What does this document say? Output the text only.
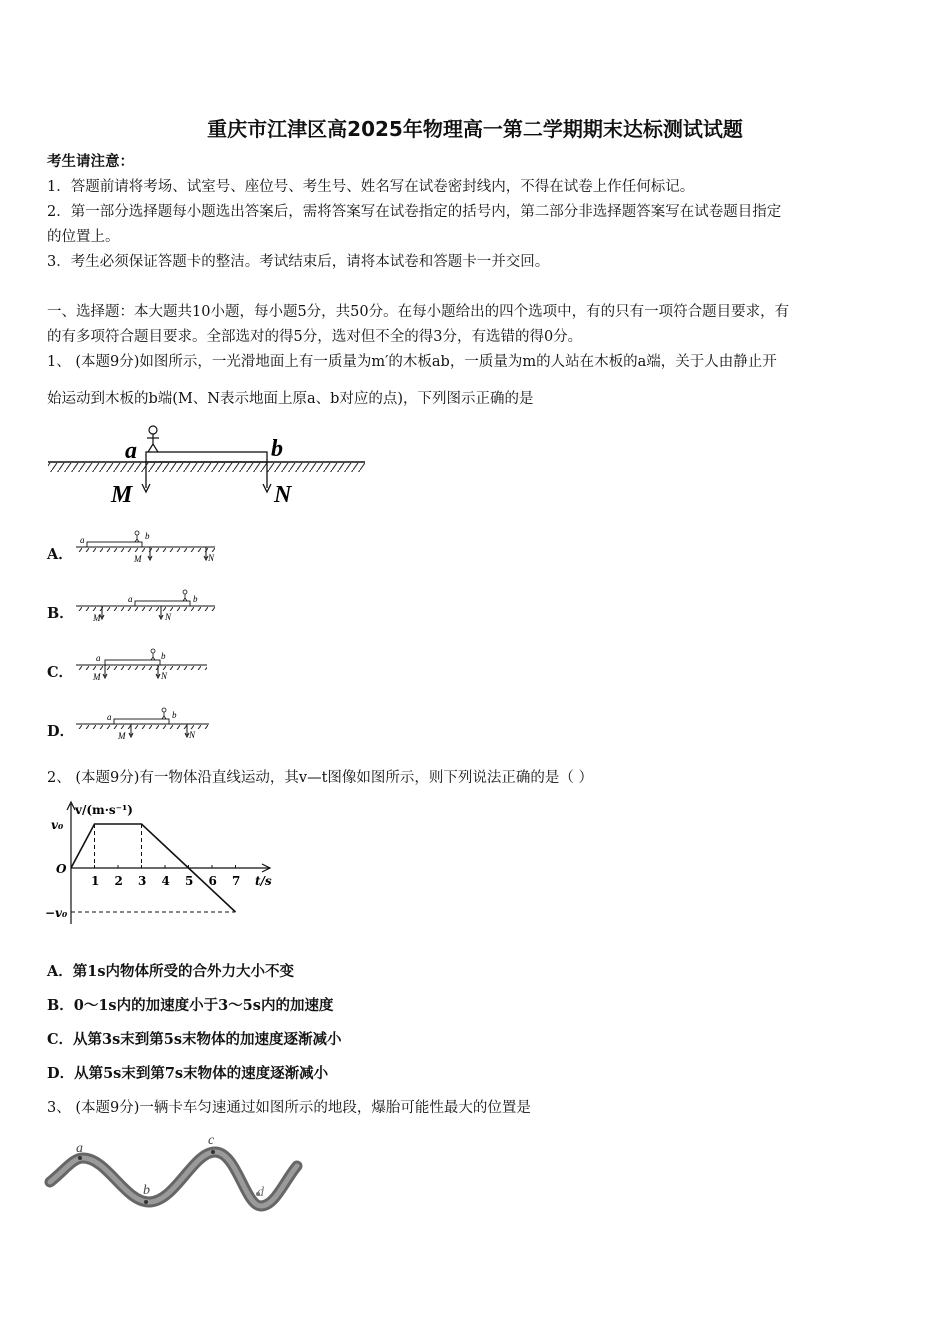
重庆市江津区高2025年物理高一第二学期期末达标测试试题
考生请注意：
1．答题前请将考场、试室号、座位号、考生号、姓名写在试卷密封线内，不得在试卷上作任何标记。
2．第一部分选择题每小题选出答案后，需将答案写在试卷指定的括号内，第二部分非选择题答案写在试卷题目指定
的位置上。
3．考生必须保证答题卡的整洁。考试结束后，请将本试卷和答题卡一并交回。
一、选择题：本大题共10小题，每小题5分，共50分。在每小题给出的四个选项中，有的只有一项符合题目要求，有
的有多项符合题目要求。全部选对的得5分，选对但不全的得3分，有选错的得0分。
1、 (本题9分)如图所示，一光滑地面上有一质量为m′的木板ab，一质量为m的人站在木板的a端，关于人由静止开
始运动到木板的b端(M、N表示地面上原a、b对应的点)，下列图示正确的是
a	b
M	N
A．
a	b
M	N
B．
a	b
M	N
C．
a	b
M	N
D．
a	b
M	N
2、 (本题9分)有一物体沿直线运动，其v—t图像如图所示，则下列说法正确的是（ ）
v/(m·s⁻¹)
t/s
O
v₀
−v₀
1 2 3 4 5 6 7
A．第1s内物体所受的合外力大小不变
B．0～1s内的加速度小于3～5s内的加速度
C．从第3s末到第5s末物体的加速度逐渐减小
D．从第5s末到第7s末物体的速度逐渐减小
3、 (本题9分)一辆卡车匀速通过如图所示的地段，爆胎可能性最大的位置是
a
b
c
d
